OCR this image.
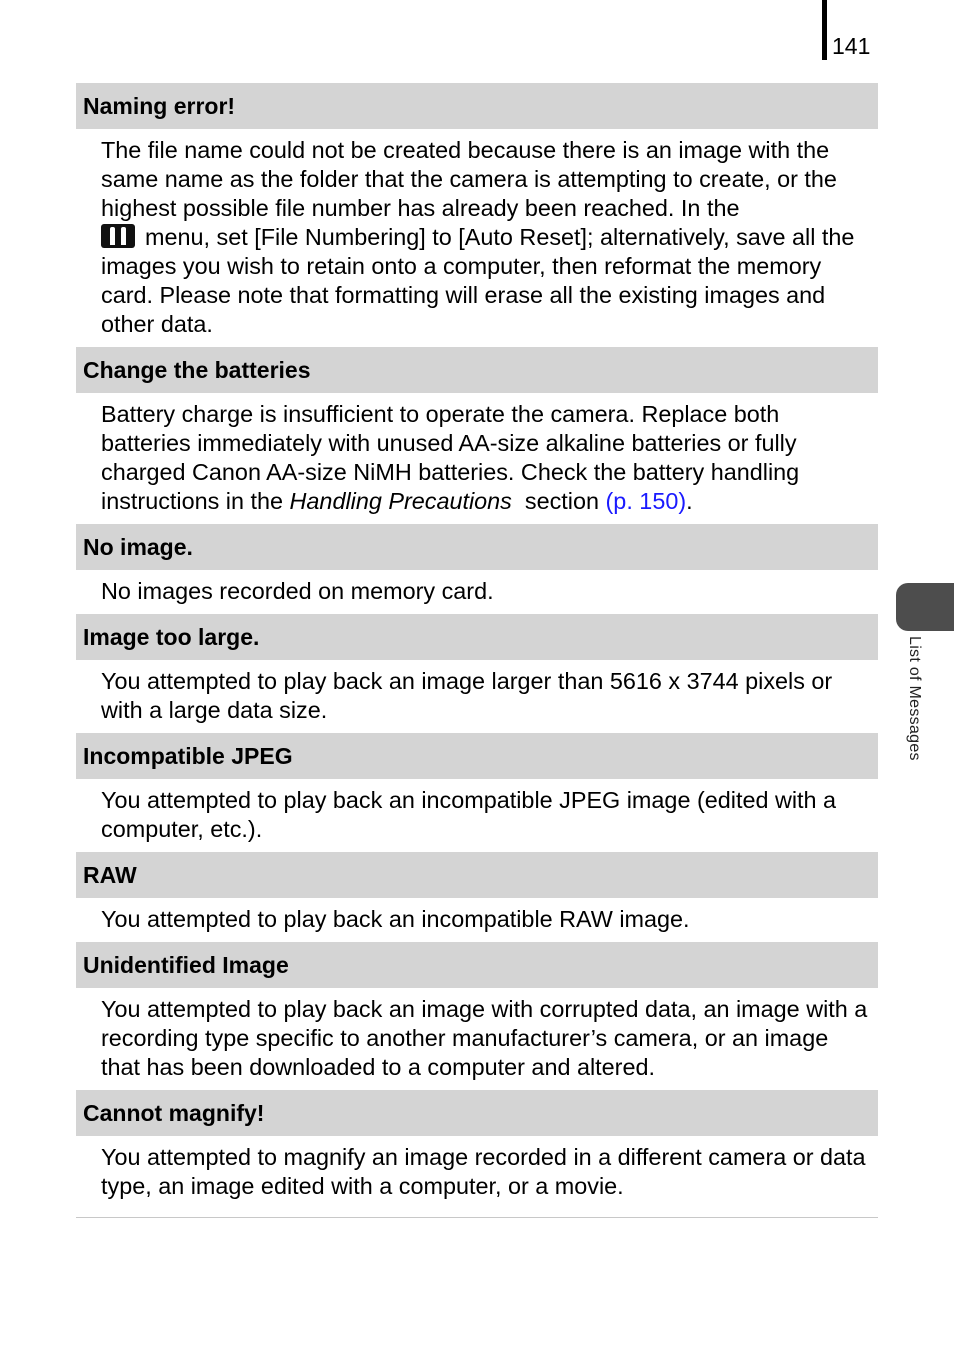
141
List of Messages
Naming error!
The file name could not be created because there is an image with the same name as the folder that the camera is attempting to create, or the highest possible file number has already been reached. In the

menu, set [File Numbering] to [Auto Reset]; alternatively, save all the images you wish to retain onto a computer, then reformat the memory card. Please note that formatting will erase all the existing images and other data.
Change the batteries
Battery charge is insufficient to operate the camera. Replace both batteries immediately with unused AA-size alkaline batteries or fully charged Canon AA-size NiMH batteries. Check the battery handling instructions in the Handling Precautions section (p. 150).
No image.
No images recorded on memory card.
Image too large.
You attempted to play back an image larger than 5616 x 3744 pixels or with a large data size.
Incompatible JPEG
You attempted to play back an incompatible JPEG image (edited with a computer, etc.).
RAW
You attempted to play back an incompatible RAW image.
Unidentified Image
You attempted to play back an image with corrupted data, an image with a recording type specific to another manufacturer’s camera, or an image that has been downloaded to a computer and altered.
Cannot magnify!
You attempted to magnify an image recorded in a different camera or data type, an image edited with a computer, or a movie.
